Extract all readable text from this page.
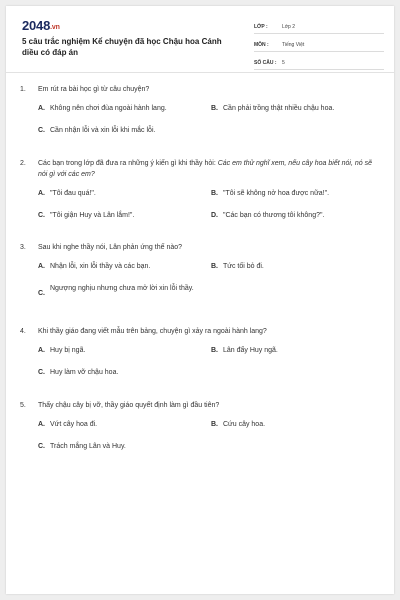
2048.vn
5 câu trắc nghiệm Kể chuyện đã học Chậu hoa Cánh diều có đáp án
LỚP :	Lớp 2
MÔN :	Tiếng Việt
SỐ CÂU :	5
1. Em rút ra bài học gì từ câu chuyện?
A. Không nên chơi đùa ngoài hành lang.	B. Cần phải trồng thật nhiều chậu hoa.
C. Cần nhận lỗi và xin lỗi khi mắc lỗi.
2. Các bạn trong lớp đã đưa ra những ý kiến gì khi thầy hỏi: Các em thử nghĩ xem, nếu cây hoa biết nói, nó sẽ nói gì với các em?
A. "Tôi đau quá!".	B. "Tôi sẽ không nở hoa được nữa!".
C. "Tôi giận Huy và Lân lắm!".	D. "Các bạn có thương tôi không?".
3. Sau khi nghe thầy nói, Lân phản ứng thế nào?
A. Nhận lỗi, xin lỗi thầy và các bạn.	B. Tức tối bỏ đi.
C.
Ngượng nghịu nhưng chưa mở lời xin lỗi thầy.
4. Khi thầy giáo đang viết mẫu trên bảng, chuyện gì xảy ra ngoài hành lang?
A. Huy bị ngã.	B. Lân đẩy Huy ngã.
C. Huy làm vỡ chậu hoa.
5. Thấy chậu cây bị vỡ, thầy giáo quyết định làm gì đầu tiên?
A. Vứt cây hoa đi.	B. Cứu cây hoa.
C. Trách mắng Lân và Huy.
